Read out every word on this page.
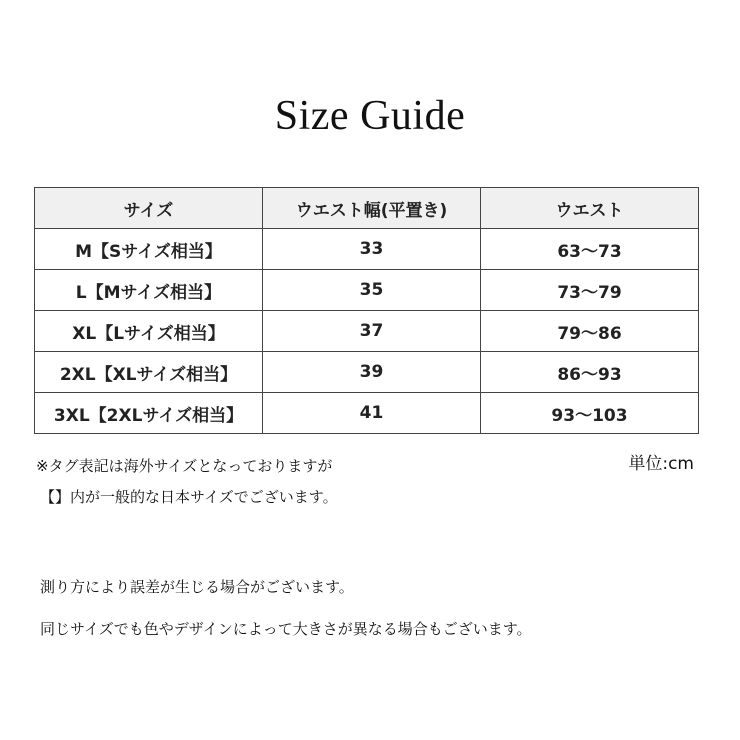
Size Guide
サイズ	ウエスト幅(平置き)	ウエスト
M【Sサイズ相当】	33	63～73
L【Mサイズ相当】	35	73～79
XL【Lサイズ相当】	37	79～86
2XL【XLサイズ相当】	39	86～93
3XL【2XLサイズ相当】	41	93～103
単位:cm
※タグ表記は海外サイズとなっておりますが
【】内が一般的な日本サイズでございます。
測り方により誤差が生じる場合がございます。
同じサイズでも色やデザインによって大きさが異なる場合もございます。
